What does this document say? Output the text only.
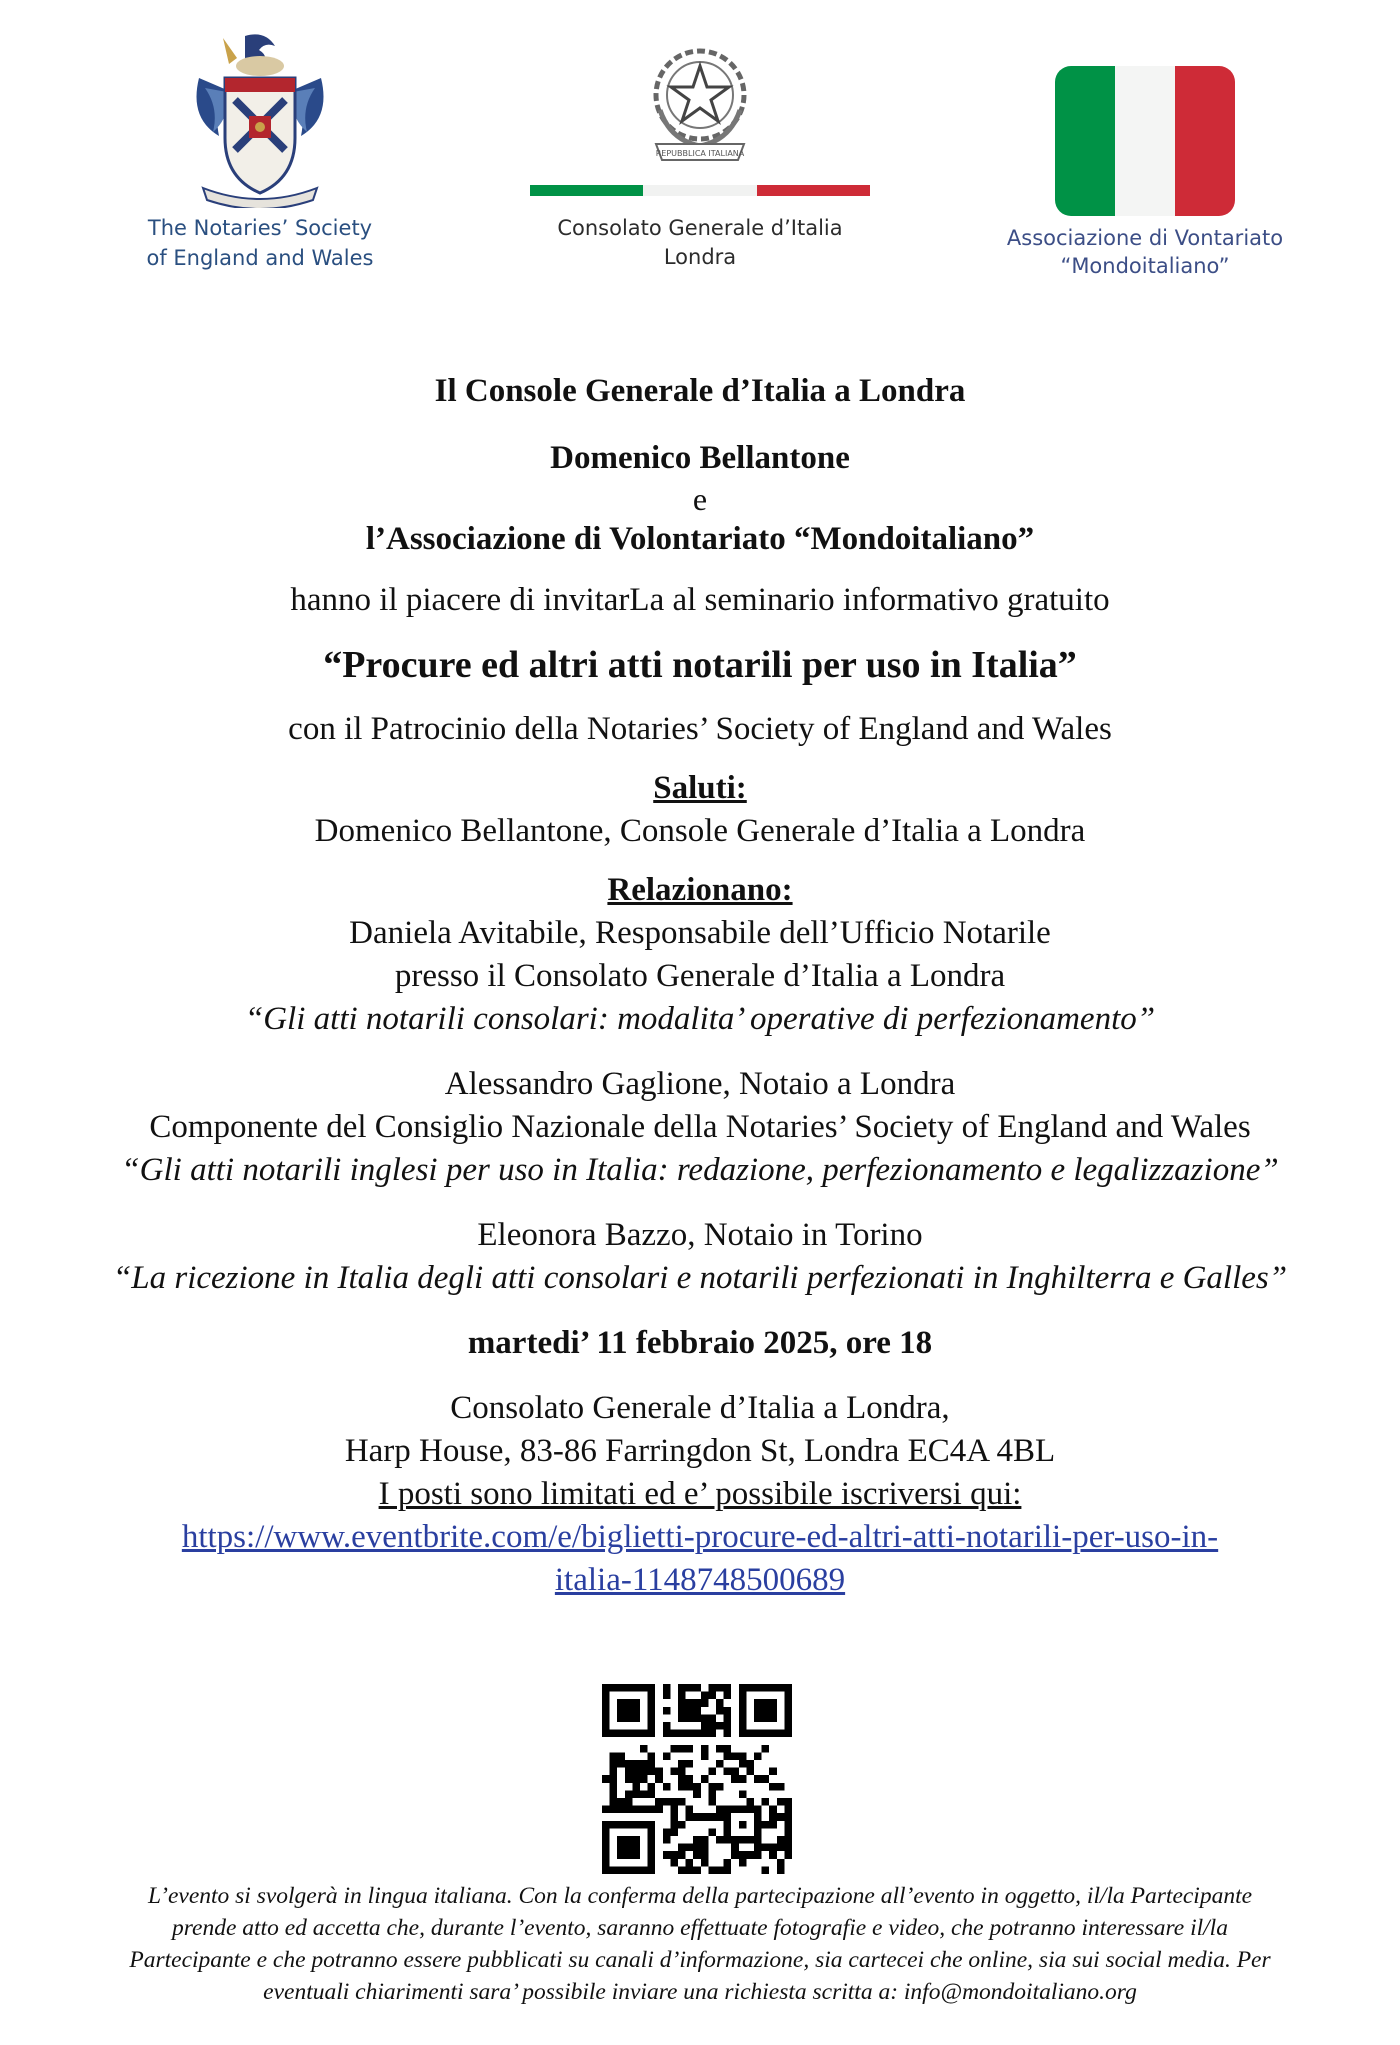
The Notaries’ Society
of England and Wales
REPUBBLICA ITALIANA
Consolato Generale d’Italia
Londra
Associazione di Vontariato
“Mondoitaliano”

Il Console Generale d’Italia a Londra

Domenico Bellantone

e

l’Associazione di Volontariato “Mondoitaliano”

hanno il piacere di invitarLa al seminario informativo gratuito

“Procure ed altri atti notarili per uso in Italia”

con il Patrocinio della Notaries’ Society of England and Wales

Saluti:

Domenico Bellantone, Console Generale d’Italia a Londra

Relazionano:

Daniela Avitabile, Responsabile dell’Ufficio Notarile

presso il Consolato Generale d’Italia a Londra

“Gli atti notarili consolari: modalita’ operative di perfezionamento”

Alessandro Gaglione, Notaio a Londra

Componente del Consiglio Nazionale della Notaries’ Society of England and Wales

“Gli atti notarili inglesi per uso in Italia: redazione, perfezionamento e legalizzazione”

Eleonora Bazzo, Notaio in Torino

“La ricezione in Italia degli atti consolari e notarili perfezionati in Inghilterra e Galles”

martedi’ 11 febbraio 2025, ore 18

Consolato Generale d’Italia a Londra,

Harp House, 83-86 Farringdon St, Londra EC4A 4BL

I posti sono limitati ed e’ possibile iscriversi qui:

https://www.eventbrite.com/e/biglietti-procure-ed-altri-atti-notarili-per-uso-in-

italia-1148748500689

L’evento si svolgerà in lingua italiana. Con la conferma della partecipazione all’evento in oggetto, il/la Partecipante
prende atto ed accetta che, durante l’evento, saranno effettuate fotografie e video, che potranno interessare il/la
Partecipante e che potranno essere pubblicati su canali d’informazione, sia cartecei che online, sia sui social media. Per
eventuali chiarimenti sara’ possibile inviare una richiesta scritta a: info@mondoitaliano.org
